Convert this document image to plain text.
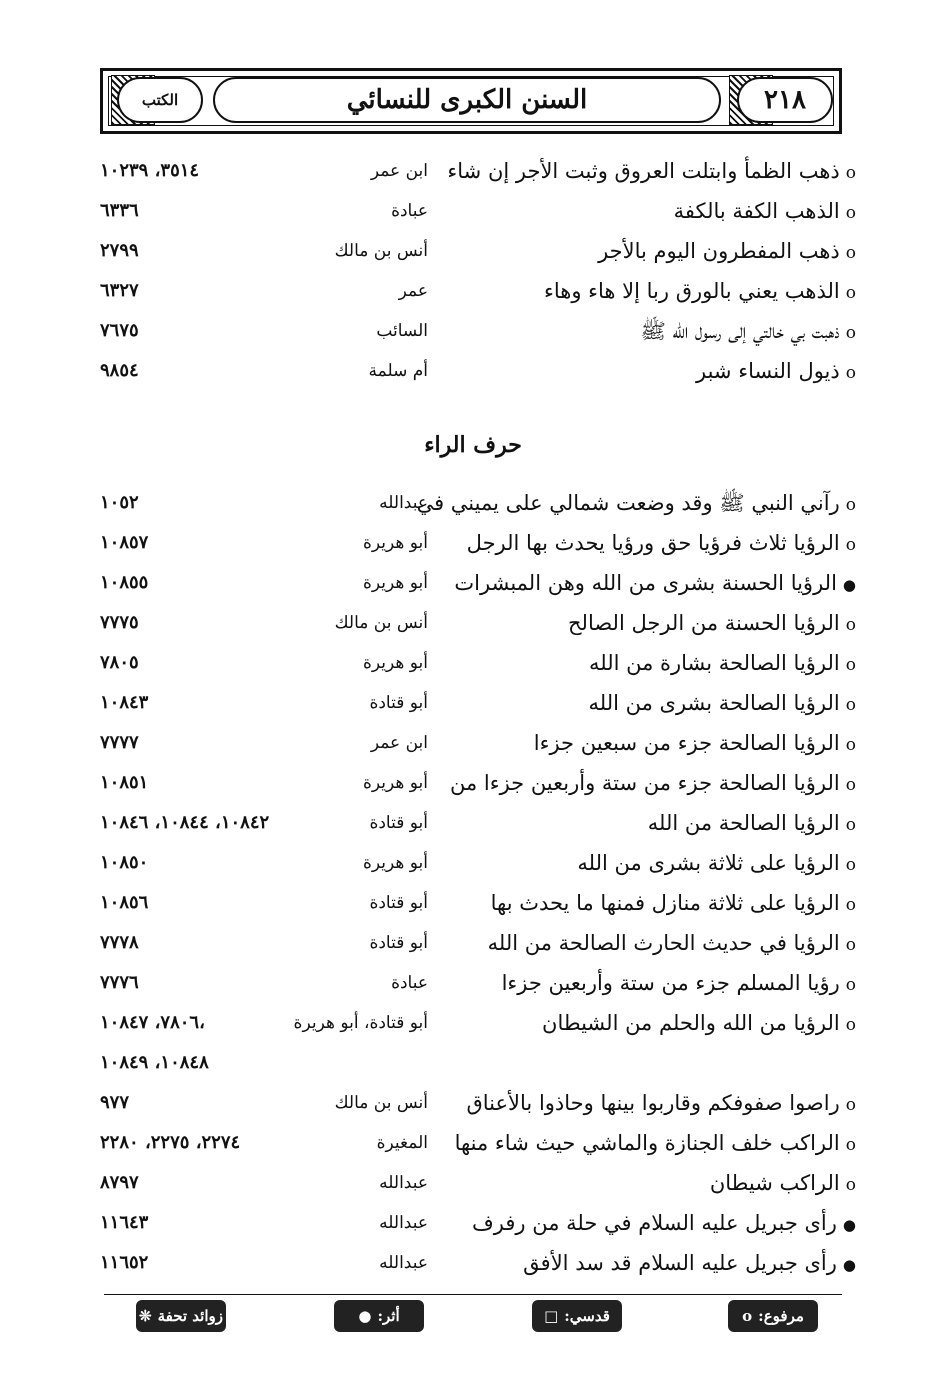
الكتب	السنن الكبرى للنسائي	٢١٨
oذهب الظمأ وابتلت العروق وثبت الأجر إن شاء
ابن عمر
٣٥١٤، ١٠٢٣٩
oالذهب الكفة بالكفة
عبادة
٦٣٣٦
oذهب المفطرون اليوم بالأجر
أنس بن مالك
٢٧٩٩
oالذهب يعني بالورق ربا إلا هاء وهاء
عمر
٦٣٢٧
oذهبت بي خالتي إلى رسول الله ﷺ
السائب
٧٦٧٥
oذيول النساء شبر
أم سلمة
٩٨٥٤
حرف الراء
oرآني النبي ﷺ وقد وضعت شمالي على يميني في
عبدالله
١٠٥٢
oالرؤيا ثلاث فرؤيا حق ورؤيا يحدث بها الرجل
أبو هريرة
١٠٨٥٧
●الرؤيا الحسنة بشرى من الله وهن المبشرات
أبو هريرة
١٠٨٥٥
oالرؤيا الحسنة من الرجل الصالح
أنس بن مالك
٧٧٧٥
oالرؤيا الصالحة بشارة من الله
أبو هريرة
٧٨٠٥
oالرؤيا الصالحة بشرى من الله
أبو قتادة
١٠٨٤٣
oالرؤيا الصالحة جزء من سبعين جزءا
ابن عمر
٧٧٧٧
oالرؤيا الصالحة جزء من ستة وأربعين جزءا من
أبو هريرة
١٠٨٥١
oالرؤيا الصالحة من الله
أبو قتادة
١٠٨٤٢، ١٠٨٤٤، ١٠٨٤٦
oالرؤيا على ثلاثة بشرى من الله
أبو هريرة
١٠٨٥٠
oالرؤيا على ثلاثة منازل فمنها ما يحدث بها
أبو قتادة
١٠٨٥٦
oالرؤيا في حديث الحارث الصالحة من الله
أبو قتادة
٧٧٧٨
oرؤيا المسلم جزء من ستة وأربعين جزءا
عبادة
٧٧٧٦
oالرؤيا من الله والحلم من الشيطان
أبو قتادة، أبو هريرة
٧٨٠٦، ١٠٨٤٧،
١٠٨٤٨، ١٠٨٤٩
oراصوا صفوفكم وقاربوا بينها وحاذوا بالأعناق
أنس بن مالك
٩٧٧
oالراكب خلف الجنازة والماشي حيث شاء منها
المغيرة
٢٢٧٤، ٢٢٧٥، ٢٢٨٠
oالراكب شيطان
عبدالله
٨٧٩٧
●رأى جبريل عليه السلام في حلة من رفرف
عبدالله
١١٦٤٣
●رأى جبريل عليه السلام قد سد الأفق
عبدالله
١١٦٥٢
مرفوع:
o
قدسي:
□
أثر:
●
زوائد تحفة
❊
